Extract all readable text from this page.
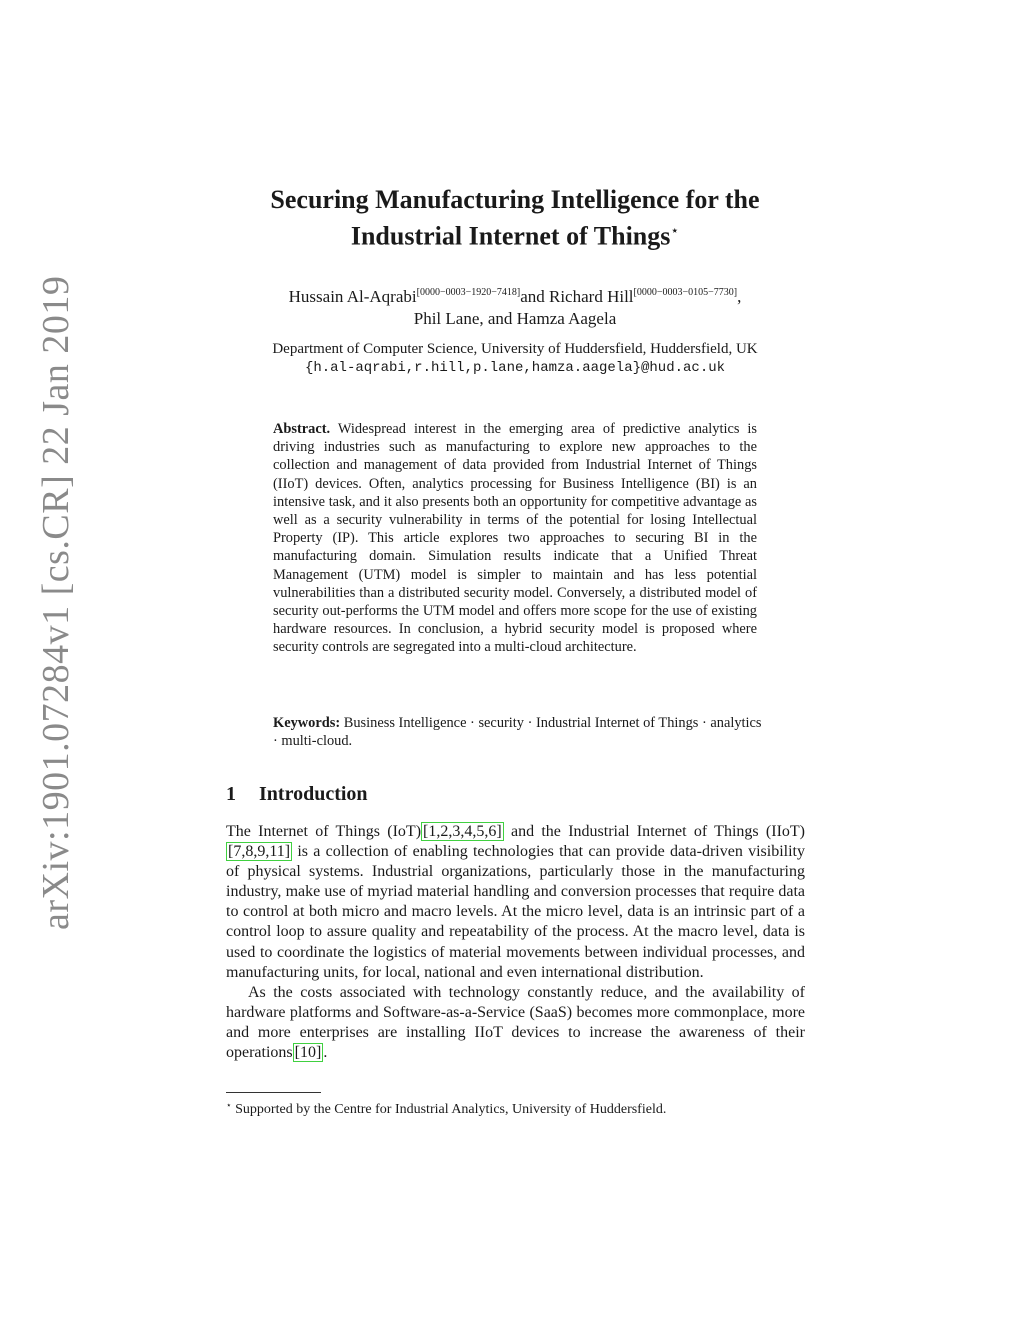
arXiv:1901.07284v1 [cs.CR] 22 Jan 2019
Securing Manufacturing Intelligence for the
Industrial Internet of Things⋆
Hussain Al-Aqrabi[0000−0003−1920−7418]and Richard Hill[0000−0003−0105−7730],
Phil Lane, and Hamza Aagela
Department of Computer Science, University of Huddersfield, Huddersfield, UK
{h.al-aqrabi,r.hill,p.lane,hamza.aagela}@hud.ac.uk
Abstract. Widespread interest in the emerging area of predictive analytics is driving industries such as manufacturing to explore new approaches to the collection and management of data provided from Industrial Internet of Things (IIoT) devices. Often, analytics processing for Business Intelligence (BI) is an intensive task, and it also presents both an opportunity for competitive advantage as well as a security vulnerability in terms of the potential for losing Intellectual Property (IP). This article explores two approaches to securing BI in the manufacturing domain. Simulation results indicate that a Unified Threat Management (UTM) model is simpler to maintain and has less potential vulnerabilities than a distributed security model. Conversely, a distributed model of security out-performs the UTM model and offers more scope for the use of existing hardware resources. In conclusion, a hybrid security model is proposed where security controls are segregated into a multi-cloud architecture.
Keywords: Business Intelligence · security · Industrial Internet of Things · analytics · multi-cloud.
1 Introduction

The Internet of Things (IoT) [1,2,3,4,5,6] and the Industrial Internet of Things (IIoT)[7,8,9,11] is a collection of enabling technologies that can provide data-driven visibility of physical systems. Industrial organizations, particularly those in the manufacturing industry, make use of myriad material handling and conversion processes that require data to control at both micro and macro levels. At the micro level, data is an intrinsic part of a control loop to assure quality and repeatability of the process. At the macro level, data is used to coordinate the logistics of material movements between individual processes, and manufacturing units, for local, national and even international distribution.

As the costs associated with technology constantly reduce, and the availability of hardware platforms and Software-as-a-Service (SaaS) becomes more commonplace, more and more enterprises are installing IIoT devices to increase the awareness of their operations [10] .

⋆ Supported by the Centre for Industrial Analytics, University of Huddersfield.
